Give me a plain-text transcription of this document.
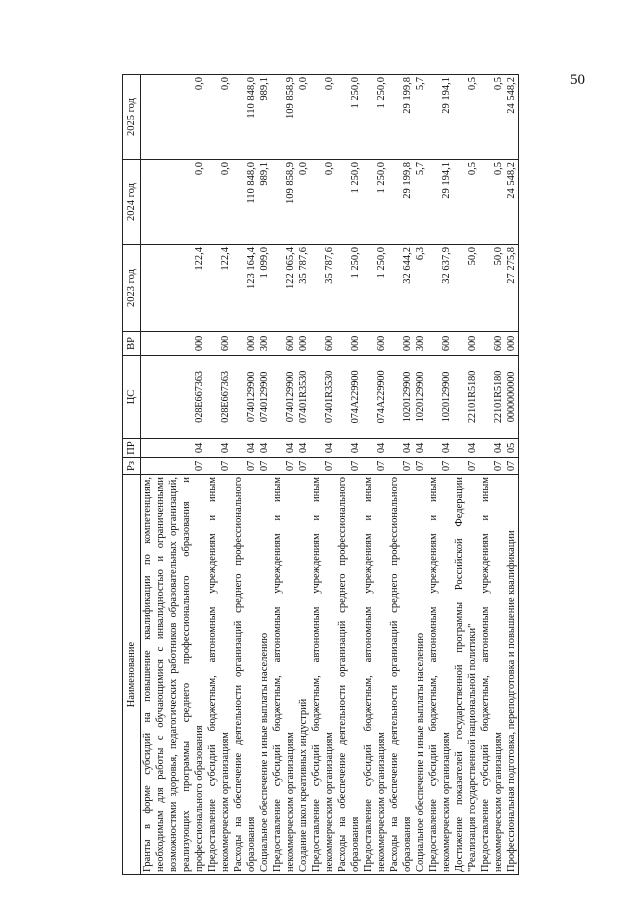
50
Наименование	Рз	ПР	ЦС	ВР	2023 год	2024 год	2025 год
Гранты в форме субсидий на повышение квалификации по компетенциям, необходимым для работы с обучающимися с инвалидностью и ограниченными возможностями здоровья, педагогических работников образовательных организаций, реализующих программы среднего профессионального образования и профессионального образования	07	04	028E667363	000	122,4	0,0	0,0
Предоставление субсидий бюджетным, автономным учреждениям и иным некоммерческим организациям	07	04	028E667363	600	122,4	0,0	0,0
Расходы на обеспечение деятельности организаций среднего профессионального образования	07	04	0740129900	000	123 164,4	110 848,0	110 848,0
Социальное обеспечение и иные выплаты населению	07	04	0740129900	300	1 099,0	989,1	989,1
Предоставление субсидий бюджетным, автономным учреждениям и иным некоммерческим организациям	07	04	0740129900	600	122 065,4	109 858,9	109 858,9
Создание школ креативных индустрий	07	04	07401R3530	000	35 787,6	0,0	0,0
Предоставление субсидий бюджетным, автономным учреждениям и иным некоммерческим организациям	07	04	07401R3530	600	35 787,6	0,0	0,0
Расходы на обеспечение деятельности организаций среднего профессионального образования	07	04	074A229900	000	1 250,0	1 250,0	1 250,0
Предоставление субсидий бюджетным, автономным учреждениям и иным некоммерческим организациям	07	04	074A229900	600	1 250,0	1 250,0	1 250,0
Расходы на обеспечение деятельности организаций среднего профессионального образования	07	04	1020129900	000	32 644,2	29 199,8	29 199,8
Социальное обеспечение и иные выплаты населению	07	04	1020129900	300	6,3	5,7	5,7
Предоставление субсидий бюджетным, автономным учреждениям и иным некоммерческим организациям	07	04	1020129900	600	32 637,9	29 194,1	29 194,1
Достижение показателей государственной программы Российской Федерации "Реализация государственной национальной политики"	07	04	22101R5180	000	50,0	0,5	0,5
Предоставление субсидий бюджетным, автономным учреждениям и иным некоммерческим организациям	07	04	22101R5180	600	50,0	0,5	0,5
Профессиональная подготовка, переподготовка и повышение квалификации	07	05	0000000000	000	27 275,8	24 548,2	24 548,2
